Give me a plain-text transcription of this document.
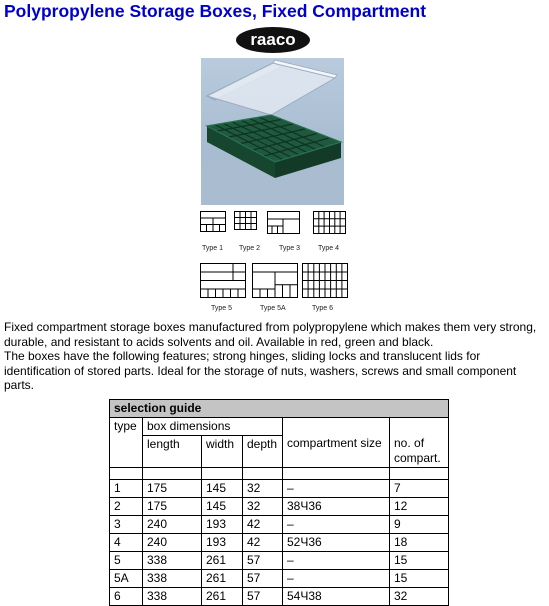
Polypropylene Storage Boxes, Fixed Compartment
raaco
Type 1 Type 2	Type 3	Type 4
Type 5	Type 5A	Type 6
Fixed compartment storage boxes manufactured from polypropylene which makes them very strong, durable, and resistant to acids solvents and oil. Available in red, green and black.
The boxes have the following features; strong hinges, sliding locks and translucent lids for identification of stored parts. Ideal for the storage of nuts, washers, screws and small component parts.
selection guide					
type	box dimensions				
	length	width	depth	compartment size	no. of
compart.

1	175	145	32	–	7
2	175	145	32	38Ч36	12
3	240	193	42	–	9
4	240	193	42	52Ч36	18
5	338	261	57	–	15
5A	338	261	57	–	15
6	338	261	57	54Ч38	32
